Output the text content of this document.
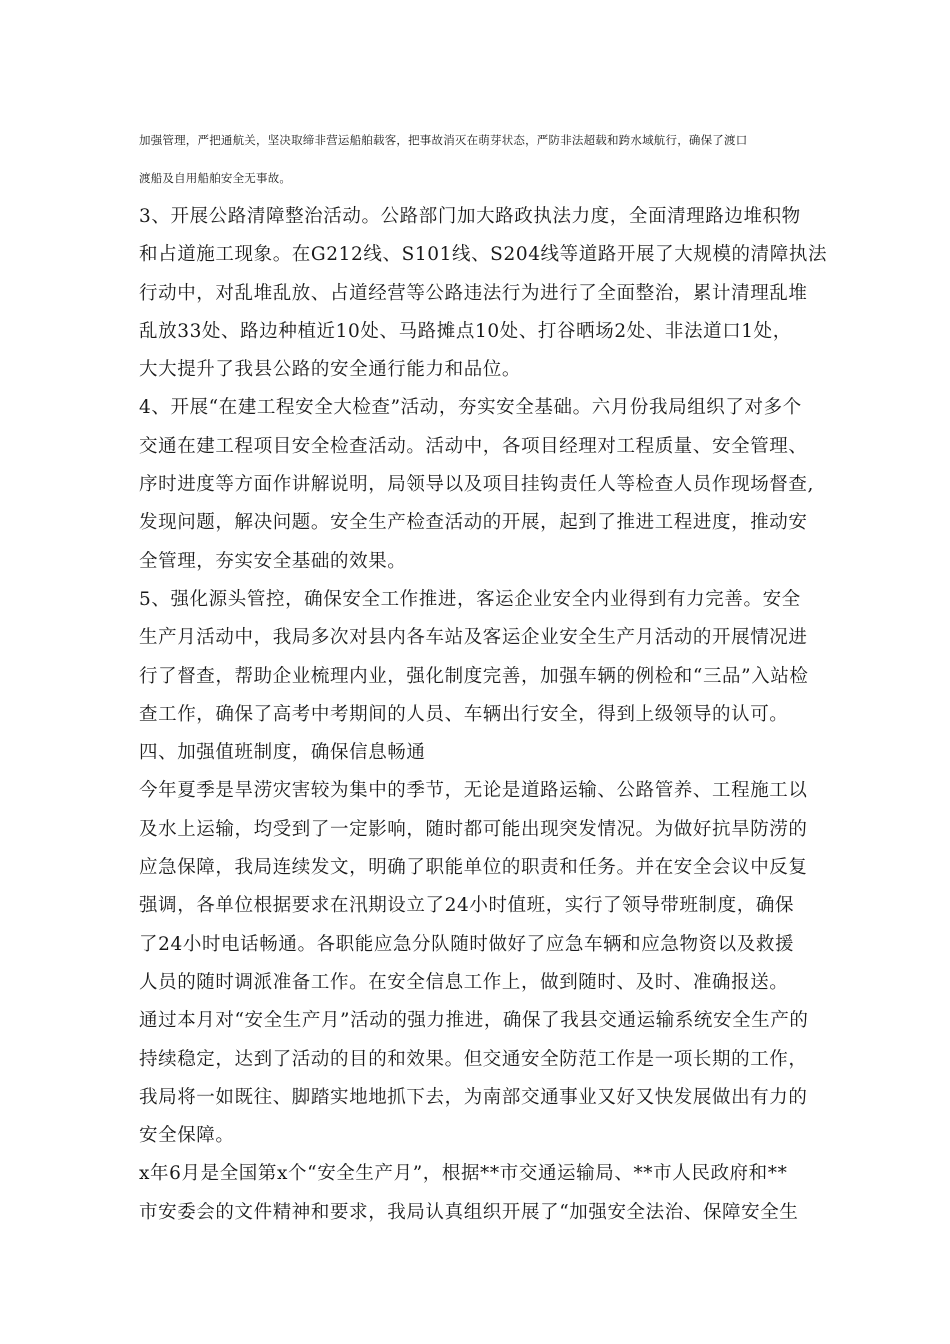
加强管理，严把通航关，坚决取缔非营运船舶载客，把事故消灭在萌芽状态，严防非法超载和跨水域航行，确保了渡口
渡船及自用船舶安全无事故。
3、开展公路清障整治活动。公路部门加大路政执法力度，全面清理路边堆积物
和占道施工现象。在G212线、S101线、S204线等道路开展了大规模的清障执法
行动中，对乱堆乱放、占道经营等公路违法行为进行了全面整治，累计清理乱堆
乱放33处、路边种植近10处、马路摊点10处、打谷晒场2处、非法道口1处，
大大提升了我县公路的安全通行能力和品位。
4、开展“在建工程安全大检查”活动，夯实安全基础。六月份我局组织了对多个
交通在建工程项目安全检查活动。活动中，各项目经理对工程质量、安全管理、
序时进度等方面作讲解说明，局领导以及项目挂钩责任人等检查人员作现场督查,
发现问题，解决问题。安全生产检查活动的开展，起到了推进工程进度，推动安
全管理，夯实安全基础的效果。
5、强化源头管控，确保安全工作推进，客运企业安全内业得到有力完善。安全
生产月活动中，我局多次对县内各车站及客运企业安全生产月活动的开展情况进
行了督查，帮助企业梳理内业，强化制度完善，加强车辆的例检和“三品”入站检
查工作，确保了高考中考期间的人员、车辆出行安全，得到上级领导的认可。
四、加强值班制度，确保信息畅通
今年夏季是旱涝灾害较为集中的季节，无论是道路运输、公路管养、工程施工以
及水上运输，均受到了一定影响，随时都可能出现突发情况。为做好抗旱防涝的
应急保障，我局连续发文，明确了职能单位的职责和任务。并在安全会议中反复
强调，各单位根据要求在汛期设立了24小时值班，实行了领导带班制度，确保
了24小时电话畅通。各职能应急分队随时做好了应急车辆和应急物资以及救援
人员的随时调派准备工作。在安全信息工作上，做到随时、及时、准确报送。
通过本月对“安全生产月”活动的强力推进，确保了我县交通运输系统安全生产的
持续稳定，达到了活动的目的和效果。但交通安全防范工作是一项长期的工作，
我局将一如既往、脚踏实地地抓下去，为南部交通事业又好又快发展做出有力的
安全保障。
x年6月是全国第x个“安全生产月”，根据**市交通运输局、**市人民政府和**
市安委会的文件精神和要求，我局认真组织开展了“加强安全法治、保障安全生
